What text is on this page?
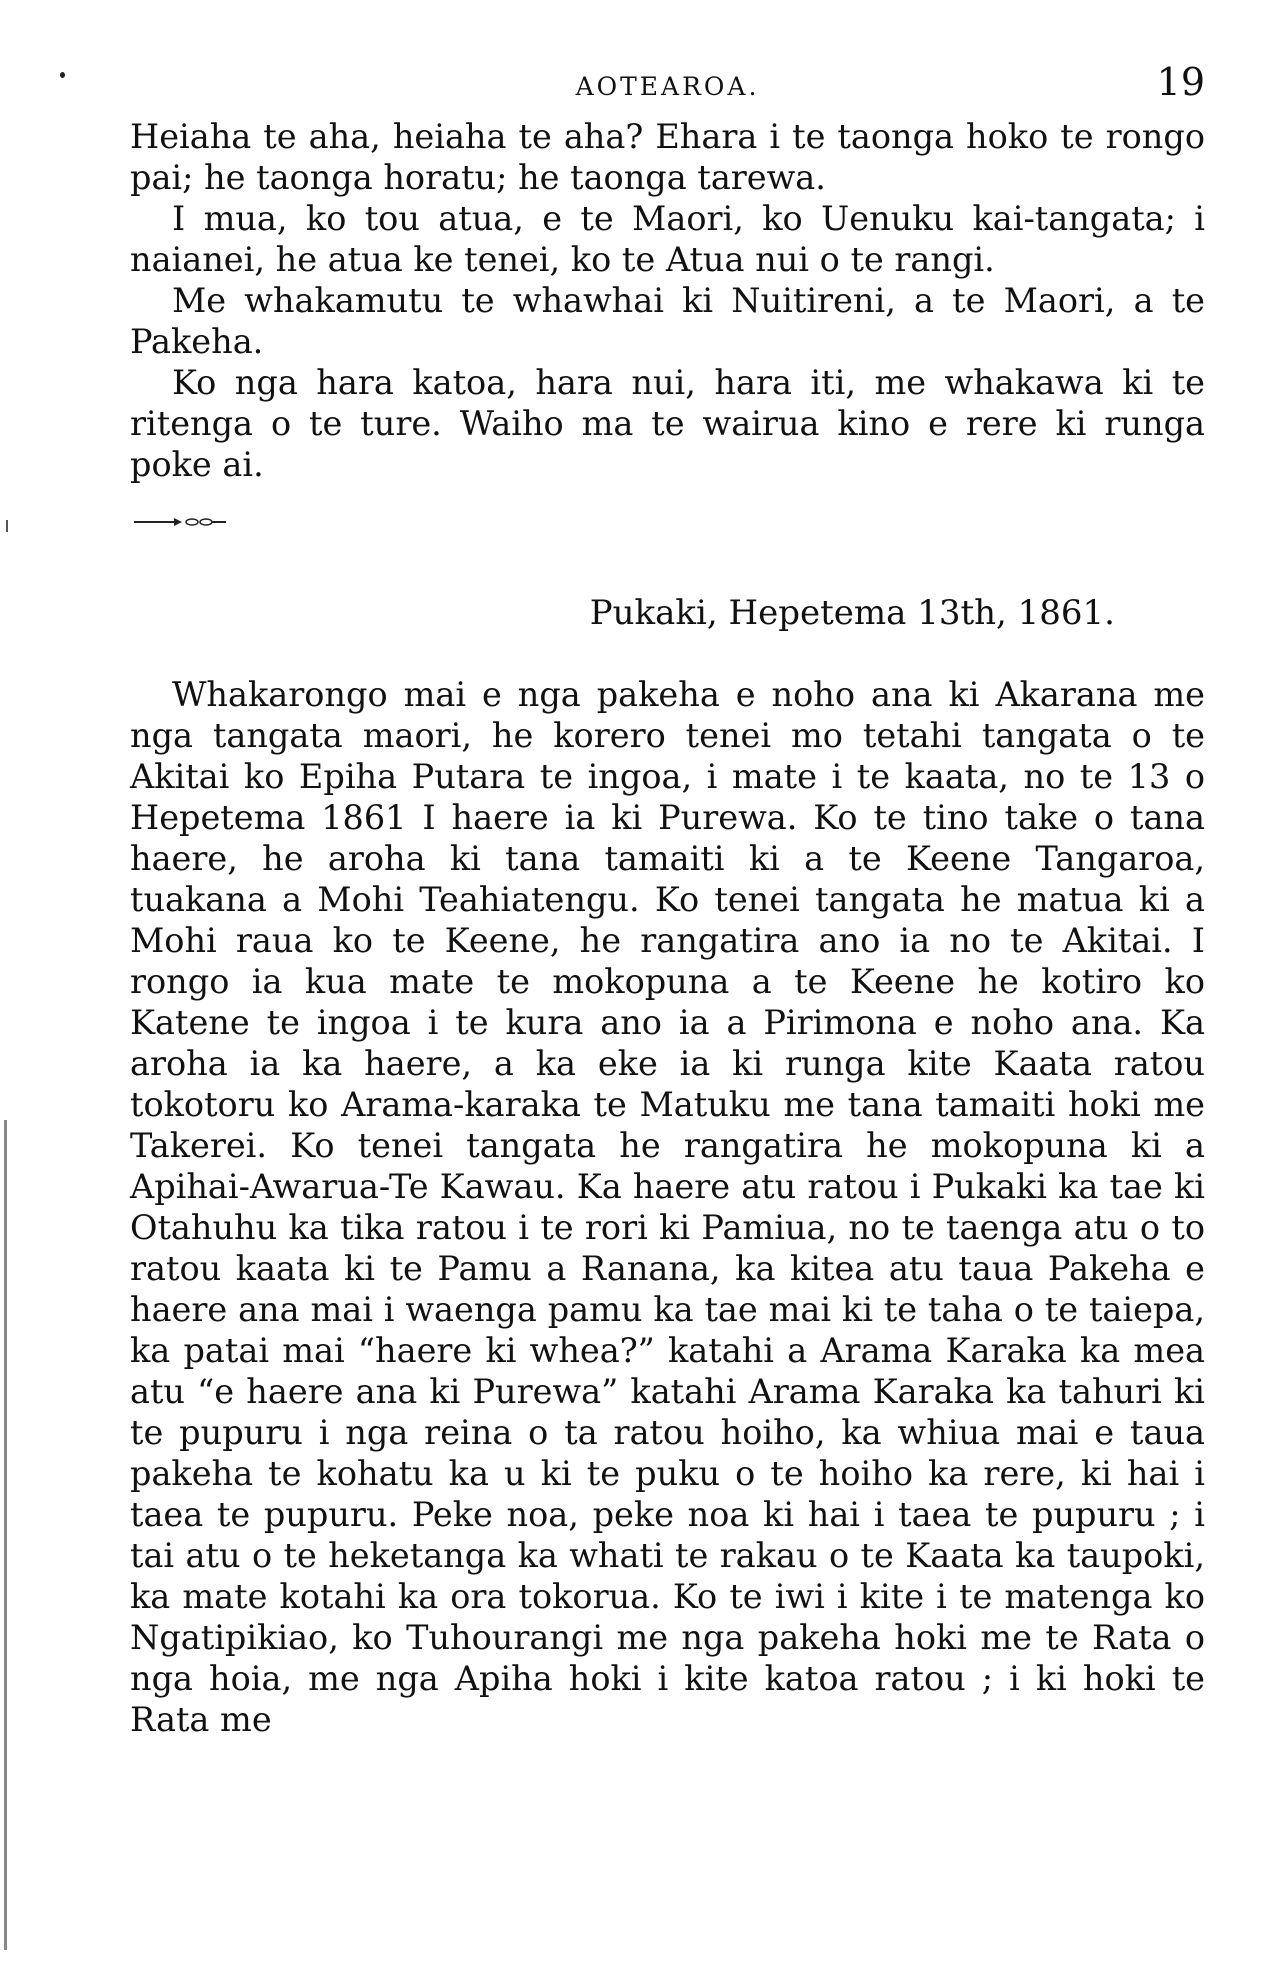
AOTEAROA.	19

Heiaha te aha, heiaha te aha? Ehara i te taonga hoko te rongo pai; he taonga horatu; he taonga tarewa.

I mua, ko tou atua, e te Maori, ko Uenuku kai-tangata; i naianei, he atua ke tenei, ko te Atua nui o te rangi.

Me whakamutu te whawhai ki Nuitireni, a te Maori, a te Pakeha.

Ko nga hara katoa, hara nui, hara iti, me whakawa ki te ritenga o te ture. Waiho ma te wairua kino e rere ki runga poke ai.

Pukaki, Hepetema 13th, 1861.

Whakarongo mai e nga pakeha e noho ana ki Akarana me nga tangata maori, he korero tenei mo tetahi tangata o te Akitai ko Epiha Putara te ingoa, i mate i te kaata, no te 13 o Hepetema 1861 I haere ia ki Purewa. Ko te tino take o tana haere, he aroha ki tana tamaiti ki a te Keene Tangaroa, tuakana a Mohi Teahiatengu. Ko tenei tangata he matua ki a Mohi raua ko te Keene, he rangatira ano ia no te Akitai. I rongo ia kua mate te mokopuna a te Keene he kotiro ko Katene te ingoa i te kura ano ia a Pirimona e noho ana. Ka aroha ia ka haere, a ka eke ia ki runga kite Kaata ratou tokotoru ko Arama-karaka te Matuku me tana tamaiti hoki me Takerei. Ko tenei tangata he rangatira he mokopuna ki a Apihai-Awarua-Te Kawau. Ka haere atu ratou i Pukaki ka tae ki Otahuhu ka tika ratou i te rori ki Pamiua, no te taenga atu o to ratou kaata ki te Pamu a Ranana, ka kitea atu taua Pakeha e haere ana mai i waenga pamu ka tae mai ki te taha o te taiepa, ka patai mai “haere ki whea?” katahi a Arama Karaka ka mea atu “e haere ana ki Purewa” katahi Arama Karaka ka tahuri ki te pupuru i nga reina o ta ratou hoiho, ka whiua mai e taua pakeha te kohatu ka u ki te puku o te hoiho ka rere, ki hai i taea te pupuru. Peke noa, peke noa ki hai i taea te pupuru ; i tai atu o te heketanga ka whati te rakau o te Kaata ka taupoki, ka mate kotahi ka ora tokorua. Ko te iwi i kite i te matenga ko Ngatipikiao, ko Tuhourangi me nga pakeha hoki me te Rata o nga hoia, me nga Apiha hoki i kite katoa ratou ; i ki hoki te Rata me
